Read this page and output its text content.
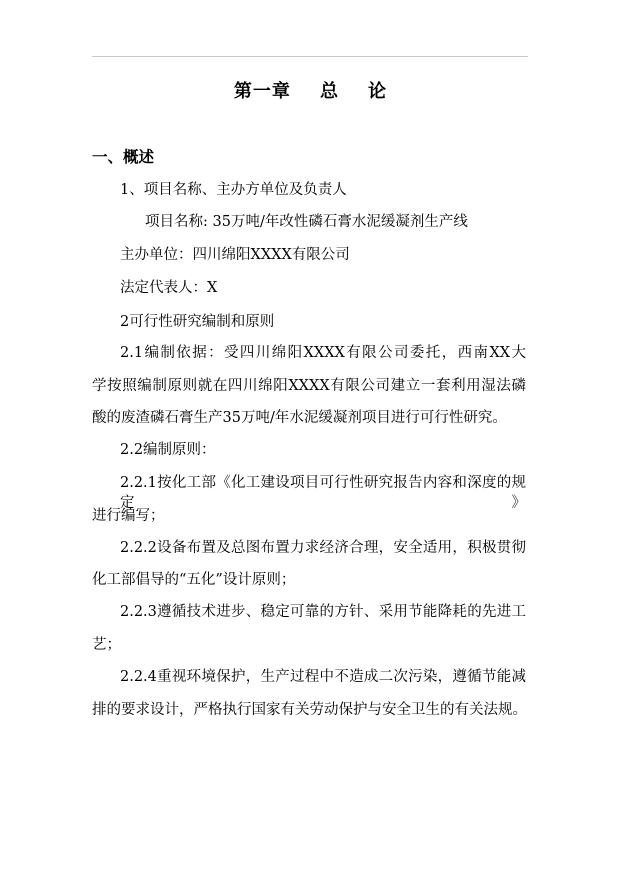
第一章    总    论
一、概述
1、项目名称、主办方单位及负责人
项目名称: 35万吨/年改性磷石膏水泥缓凝剂生产线
主办单位：四川绵阳XXXX有限公司
法定代表人：X
2可行性研究编制和原则
2.1编制依据：受四川绵阳XXXX有限公司委托，西南XX大
学按照编制原则就在四川绵阳XXXX有限公司建立一套利用湿法磷
酸的废渣磷石膏生产35万吨/年水泥缓凝剂项目进行可行性研究。
2.2编制原则：
2.2.1按化工部《化工建设项目可行性研究报告内容和深度的规定》
进行编写；
2.2.2设备布置及总图布置力求经济合理，安全适用，积极贯彻
化工部倡导的“五化”设计原则；
2.2.3遵循技术进步、稳定可靠的方针、采用节能降耗的先进工
艺；
2.2.4重视环境保护，生产过程中不造成二次污染，遵循节能减
排的要求设计，严格执行国家有关劳动保护与安全卫生的有关法规。
